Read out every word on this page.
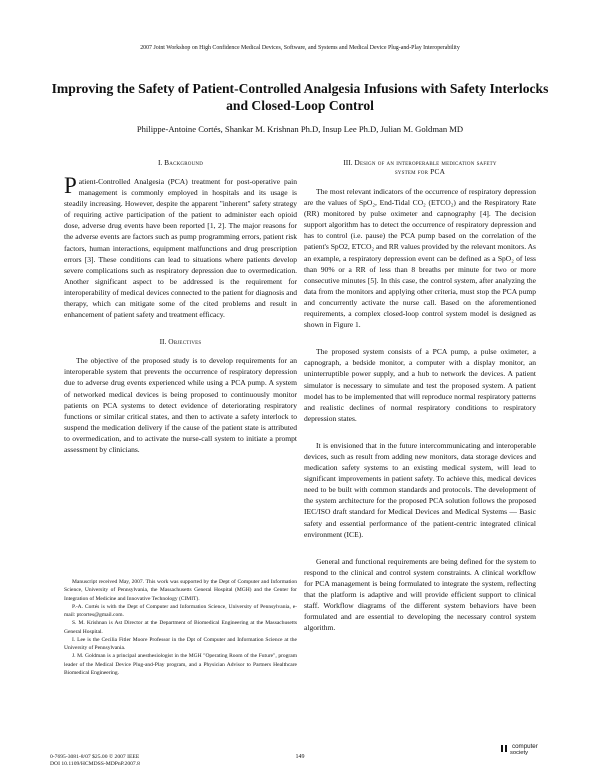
2007 Joint Workshop on High Confidence Medical Devices, Software, and Systems and Medical Device Plug-and-Play Interoperability
Improving the Safety of Patient-Controlled Analgesia Infusions with Safety Interlocks and Closed-Loop Control
Philippe-Antoine Cortés, Shankar M. Krishnan Ph.D, Insup Lee Ph.D, Julian M. Goldman MD
I. Background

Patient-Controlled Analgesia (PCA) treatment for post-operative pain management is commonly employed in hospitals and its usage is steadily increasing. However, despite the apparent "inherent" safety strategy of requiring active participation of the patient to administer each opioid dose, adverse drug events have been reported [1, 2]. The major reasons for the adverse events are factors such as pump programming errors, patient risk factors, human interactions, equipment malfunctions and drug prescription errors [3]. These conditions can lead to situations where patients develop severe complications such as respiratory depression due to overmedication. Another significant aspect to be addressed is the requirement for interoperability of medical devices connected to the patient for diagnosis and therapy, which can mitigate some of the cited problems and result in enhancement of patient safety and treatment efficacy.

II. Objectives

The objective of the proposed study is to develop requirements for an interoperable system that prevents the occurrence of respiratory depression due to adverse drug events experienced while using a PCA pump. A system of networked medical devices is being proposed to continuously monitor patients on PCA systems to detect evidence of deteriorating respiratory functions or similar critical states, and then to activate a safety interlock to suspend the medication delivery if the cause of the patient state is attributed to overmedication, and to activate the nurse-call system to initiate a prompt assessment by clinicians.

Manuscript received May, 2007. This work was supported by the Dept of Computer and Information Science, University of Pennsylvania, the Massachusetts General Hospital (MGH) and the Center for Integration of Medicine and Innovative Technology (CIMIT).
P.-A. Cortés is with the Dept of Computer and Information Science, University of Pennsylvania, e-mail: ptcortes@gmail.com.
S. M. Krishnan is Ast Director at the Department of Biomedical Engineering at the Massachusetts General Hospital.
I. Lee is the Cecilia Fitler Moore Professor in the Dpt of Computer and Information Science at the University of Pennsylvania.
J. M. Goldman is a principal anesthesiologist in the MGH "Operating Room of the Future", program leader of the Medical Device Plug-and-Play program, and a Physician Advisor to Partners Healthcare Biomedical Engineering.
III. Design of an interoperable medication safety
system for PCA

The most relevant indicators of the occurrence of respiratory depression are the values of SpO₂, End-Tidal CO₂ (ETCO₂) and the Respiratory Rate (RR) monitored by pulse oximeter and capnography [4]. The decision support algorithm has to detect the occurrence of respiratory depression and has to control (i.e. pause) the PCA pump based on the correlation of the patient's SpO2, ETCO₂ and RR values provided by the relevant monitors. As an example, a respiratory depression event can be defined as a SpO₂ of less than 90% or a RR of less than 8 breaths per minute for two or more consecutive minutes [5]. In this case, the control system, after analyzing the data from the monitors and applying other criteria, must stop the PCA pump and concurrently activate the nurse call. Based on the aforementioned requirements, a complex closed-loop control system model is designed as shown in Figure 1.

The proposed system consists of a PCA pump, a pulse oximeter, a capnograph, a bedside monitor, a computer with a display monitor, an uninterruptible power supply, and a hub to network the devices. A patient simulator is necessary to simulate and test the proposed system. A patient model has to be implemented that will reproduce normal respiratory patterns and realistic declines of normal respiratory conditions to respiratory depression states.

It is envisioned that in the future intercommunicating and interoperable devices, such as result from adding new monitors, data storage devices and medication safety systems to an existing medical system, will lead to significant improvements in patient safety. To achieve this, medical devices need to be built with common standards and protocols. The development of the system architecture for the proposed PCA solution follows the proposed IEC/ISO draft standard for Medical Devices and Medical Systems — Basic safety and essential performance of the patient-centric integrated clinical environment (ICE).

General and functional requirements are being defined for the system to respond to the clinical and control system constraints. A clinical workflow for PCA management is being formulated to integrate the system, reflecting that the platform is adaptive and will provide efficient support to clinical staff. Workflow diagrams of the different system behaviors have been formulated and are essential to developing the necessary control system algorithm.

0-7695-3081-8/07 $25.00 © 2007 IEEE
DOI 10.1109/HCMDSS-MDPnP.2007.8
149
computer
society
